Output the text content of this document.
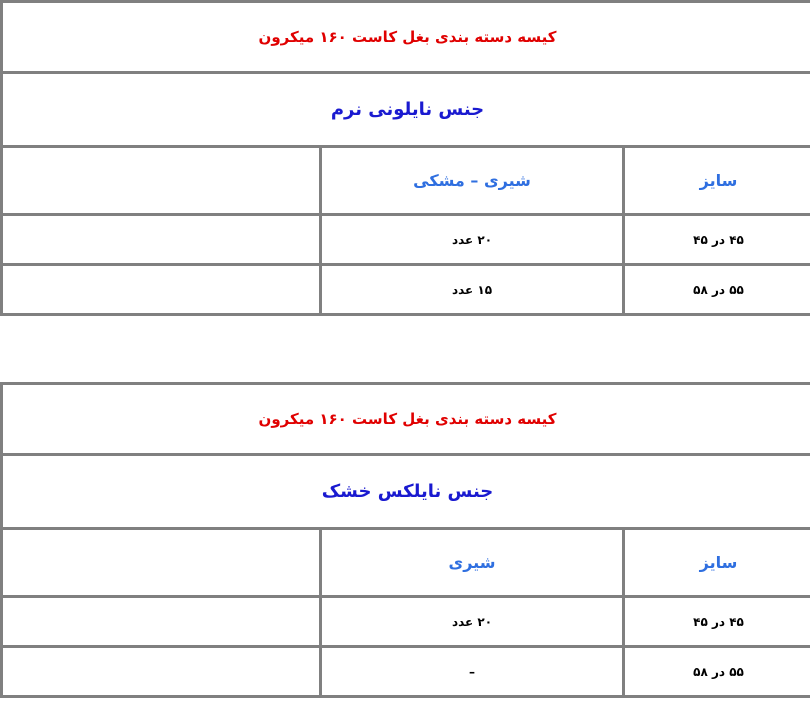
کیسه دسته بندی بغل کاست ۱۶۰ میکرون		
جنس نایلونی نرم		
سایز	شیری – مشکی	
۴۵ در ۴۵	۲۰ عدد	
۵۵ در ۵۸	۱۵ عدد	
کیسه دسته بندی بغل کاست ۱۶۰ میکرون		
جنس نایلکس خشک		
سایز	شیری	
۴۵ در ۴۵	۲۰ عدد	
۵۵ در ۵۸	–	
